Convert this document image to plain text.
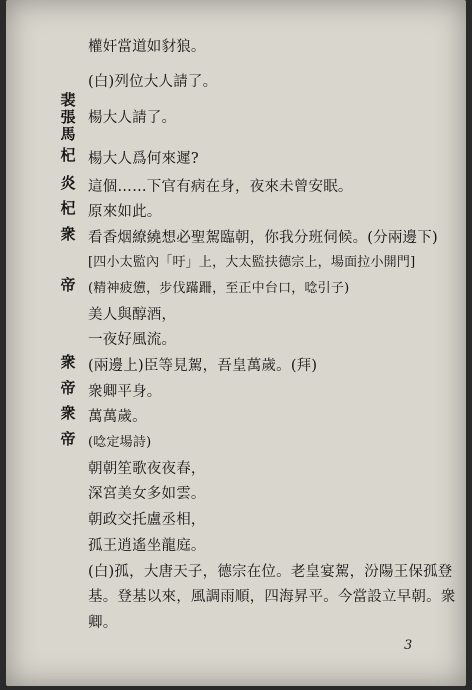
權奸當道如豺狼。
(白)列位大人請了。
裴
張
馬
楊大人請了。
杞 楊大人爲何來遲?
炎 這個……下官有病在身，夜來未曾安眠。
杞 原來如此。
衆 看香烟繚繞想必聖駕臨朝，你我分班伺候。(分兩邊下)
[四小太監內「吁」上，大太監扶德宗上，場面拉小開門]
帝 (精神疲憊，步伐蹣跚，至正中台口，唸引子)
美人與醇酒，
一夜好風流。
衆 (兩邊上)臣等見駕，吾皇萬歲。(拜)
帝 衆卿平身。
衆 萬萬歲。
帝 (唸定場詩)
朝朝笙歌夜夜春，
深宮美女多如雲。
朝政交托盧丞相，
孤王逍遙坐龍庭。
(白)孤，大唐天子，德宗在位。老皇宴駕，汾陽王保孤登
基。登基以來，風調雨順，四海昇平。今當設立早朝。衆
卿。
3
